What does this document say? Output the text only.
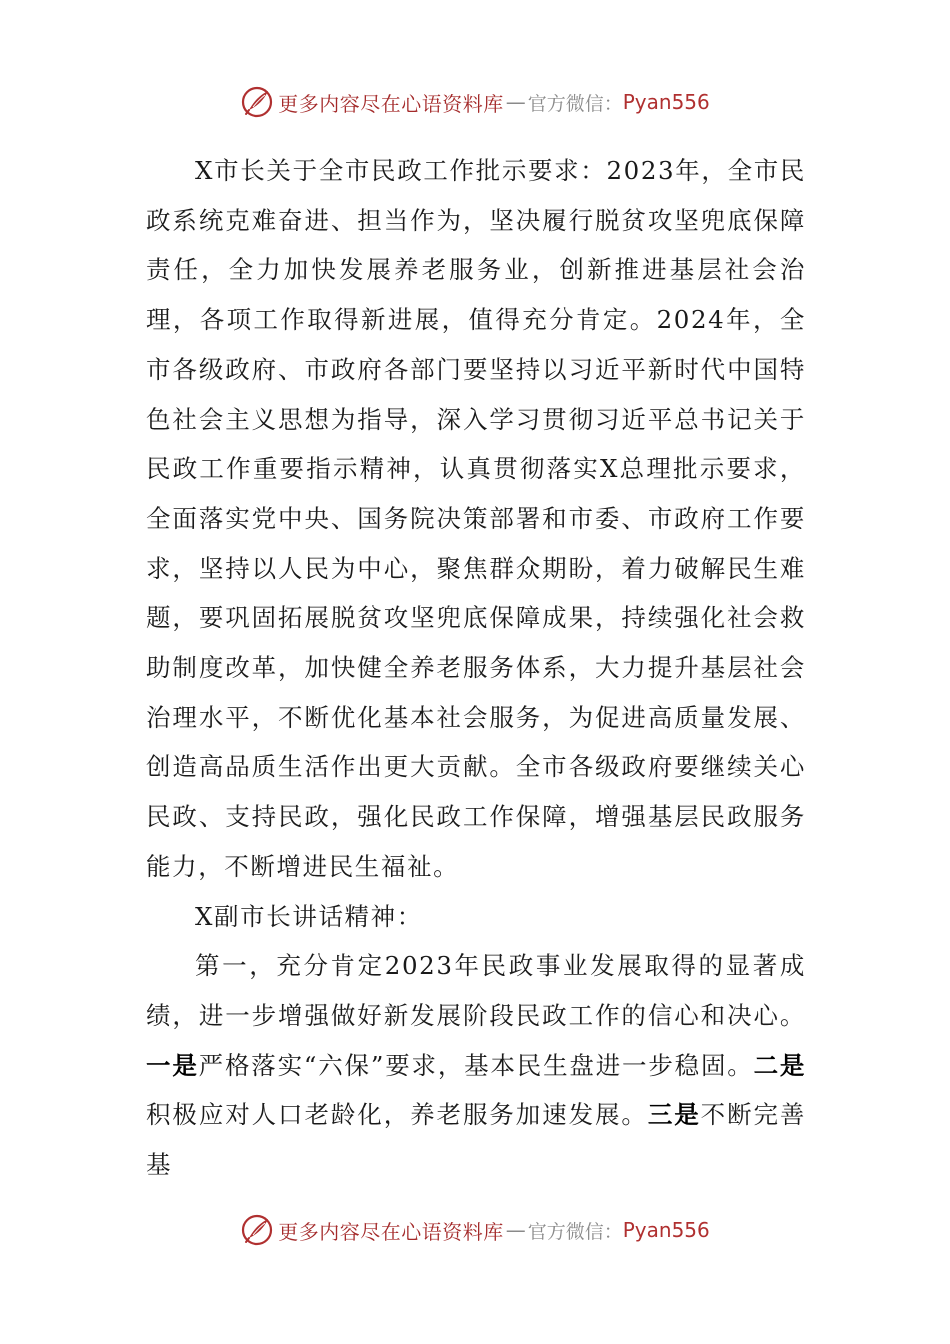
更多内容尽在心语资料库 — 官方微信： Pyan556

X市长关于全市民政工作批示要求：2023年，全市民政系统克难奋进、担当作为，坚决履行脱贫攻坚兜底保障责任，全力加快发展养老服务业，创新推进基层社会治理，各项工作取得新进展，值得充分肯定。2024年，全市各级政府、市政府各部门要坚持以习近平新时代中国特色社会主义思想为指导，深入学习贯彻习近平总书记关于民政工作重要指示精神，认真贯彻落实X总理批示要求，全面落实党中央、国务院决策部署和市委、市政府工作要求，坚持以人民为中心，聚焦群众期盼，着力破解民生难题，要巩固拓展脱贫攻坚兜底保障成果，持续强化社会救助制度改革，加快健全养老服务体系，大力提升基层社会治理水平，不断优化基本社会服务，为促进高质量发展、创造高品质生活作出更大贡献。全市各级政府要继续关心民政、支持民政，强化民政工作保障，增强基层民政服务能力，不断增进民生福祉。

X副市长讲话精神：

第一，充分肯定2023年民政事业发展取得的显著成绩，进一步增强做好新发展阶段民政工作的信心和决心。一是严格落实“六保”要求，基本民生盘进一步稳固。二是积极应对人口老龄化，养老服务加速发展。三是不断完善基

更多内容尽在心语资料库 — 官方微信： Pyan556
